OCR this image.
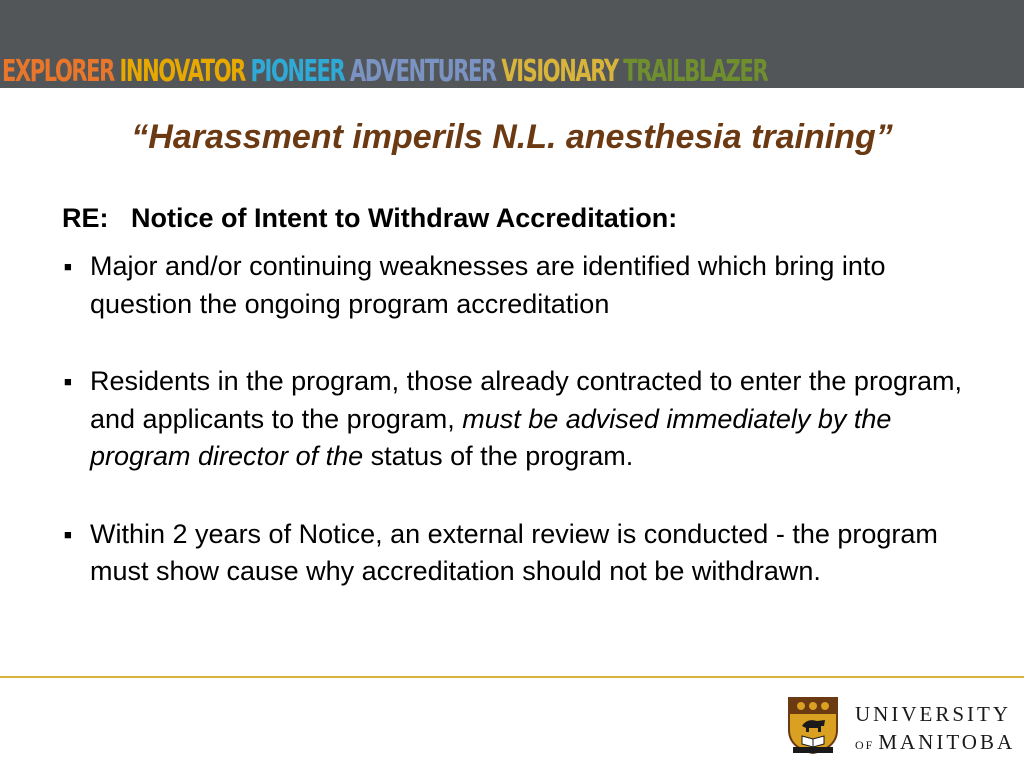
EXPLORER INNOVATOR PIONEER ADVENTURER VISIONARY TRAILBLAZER
“Harassment imperils N.L. anesthesia training”

RE:   Notice of Intent to Withdraw Accreditation:

■ Major and/or continuing weaknesses are identified which bring into question the ongoing program accreditation
■ Residents in the program, those already contracted to enter the program, and applicants to the program, must be advised immediately by the program director of the status of the program.
■ Within 2 years of Notice, an external review is conducted - the program must show cause why accreditation should not be withdrawn.
UNIVERSITY
OF MANITOBA
